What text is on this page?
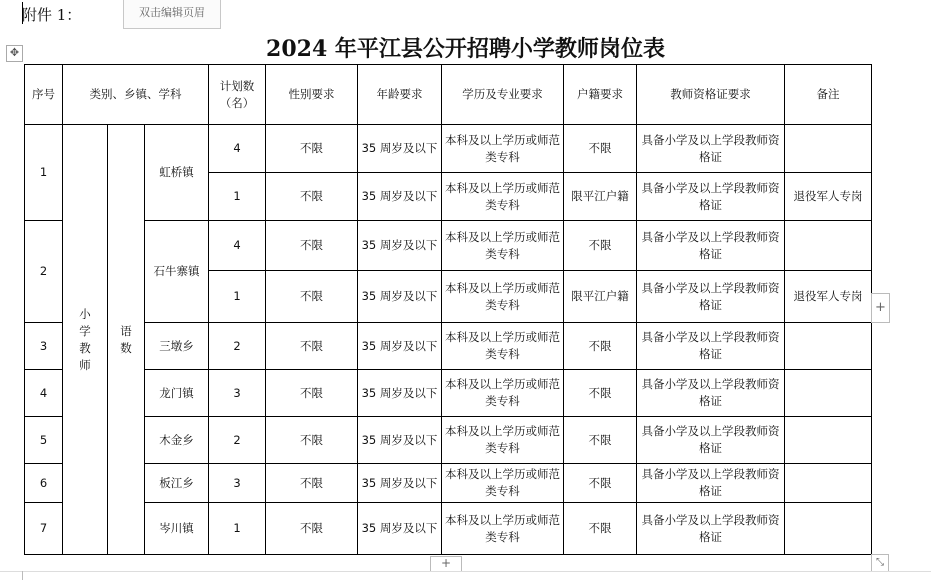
附件 1：	双击编辑页眉
✥	2024 年平江县公开招聘小学教师岗位表
序号	类别、乡镇、学科			计划数（名）	性别要求	年龄要求	学历及专业要求	户籍要求	教师资格证要求	备注
1	小学教师	语数	虹桥镇	4	不限	35 周岁及以下	本科及以上学历或师范类专科	不限	具备小学及以上学段教师资格证	
				1	不限	35 周岁及以下	本科及以上学历或师范类专科	限平江户籍	具备小学及以上学段教师资格证	退役军人专岗
2			石牛寨镇	4	不限	35 周岁及以下	本科及以上学历或师范类专科	不限	具备小学及以上学段教师资格证	
				1	不限	35 周岁及以下	本科及以上学历或师范类专科	限平江户籍	具备小学及以上学段教师资格证	退役军人专岗
3			三墩乡	2	不限	35 周岁及以下	本科及以上学历或师范类专科	不限	具备小学及以上学段教师资格证	
4			龙门镇	3	不限	35 周岁及以下	本科及以上学历或师范类专科	不限	具备小学及以上学段教师资格证	
5			木金乡	2	不限	35 周岁及以下	本科及以上学历或师范类专科	不限	具备小学及以上学段教师资格证	
6			板江乡	3	不限	35 周岁及以下	本科及以上学历或师范类专科	不限	具备小学及以上学段教师资格证	
7			岑川镇	1	不限	35 周岁及以下	本科及以上学历或师范类专科	不限	具备小学及以上学段教师资格证	
+
+	⤡
